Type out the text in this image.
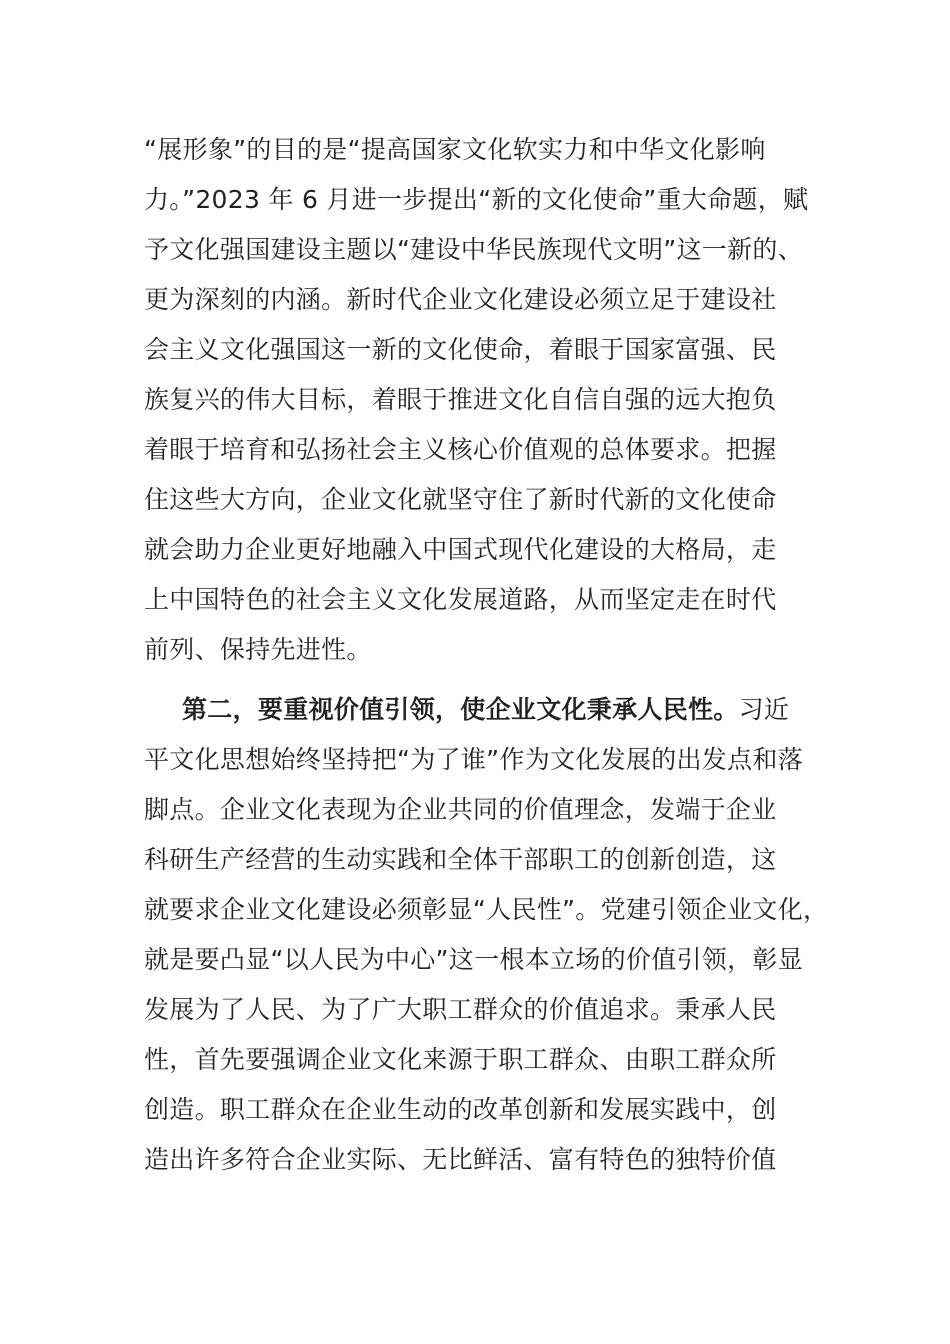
“展形象”的目的是“提高国家文化软实力和中华文化影响
力。”2023 年 6 月进一步提出“新的文化使命”重大命题，赋
予文化强国建设主题以“建设中华民族现代文明”这一新的、
更为深刻的内涵。新时代企业文化建设必须立足于建设社
会主义文化强国这一新的文化使命，着眼于国家富强、民
族复兴的伟大目标，着眼于推进文化自信自强的远大抱负
着眼于培育和弘扬社会主义核心价值观的总体要求。把握
住这些大方向，企业文化就坚守住了新时代新的文化使命
就会助力企业更好地融入中国式现代化建设的大格局，走
上中国特色的社会主义文化发展道路，从而坚定走在时代
前列、保持先进性。
第二，要重视价值引领，使企业文化秉承人民性。习近
平文化思想始终坚持把“为了谁”作为文化发展的出发点和落
脚点。企业文化表现为企业共同的价值理念，发端于企业
科研生产经营的生动实践和全体干部职工的创新创造，这
就要求企业文化建设必须彰显“人民性”。党建引领企业文化，
就是要凸显“以人民为中心”这一根本立场的价值引领，彰显
发展为了人民、为了广大职工群众的价值追求。秉承人民
性，首先要强调企业文化来源于职工群众、由职工群众所
创造。职工群众在企业生动的改革创新和发展实践中，创
造出许多符合企业实际、无比鲜活、富有特色的独特价值
